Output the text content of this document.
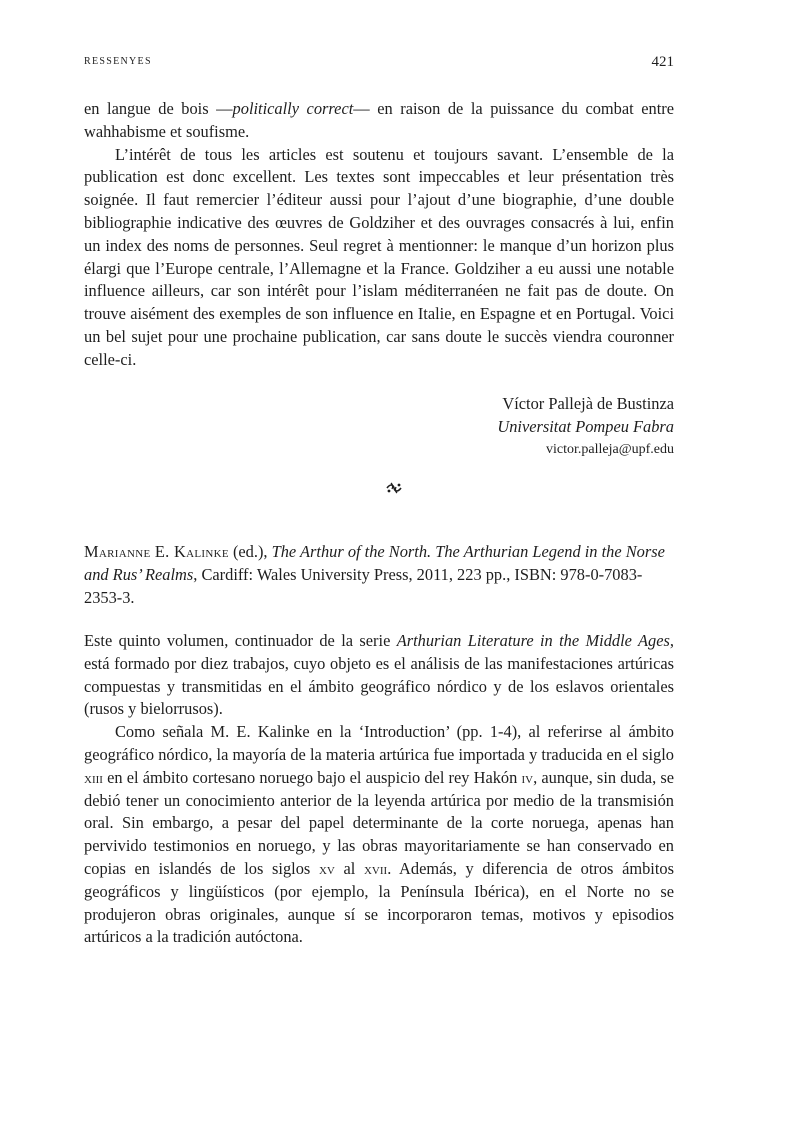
RESSENYES	421

en langue de bois —politically correct— en raison de la puissance du combat entre wahhabisme et soufisme.

L’intérêt de tous les articles est soutenu et toujours savant. L’ensemble de la publication est donc excellent. Les textes sont impeccables et leur présentation très soignée. Il faut remercier l’éditeur aussi pour l’ajout d’une biographie, d’une double bibliographie indicative des œuvres de Goldziher et des ouvrages consacrés à lui, enfin un index des noms de personnes. Seul regret à mentionner: le manque d’un horizon plus élargi que l’Europe centrale, l’Allemagne et la France. Goldziher a eu aussi une notable influence ailleurs, car son intérêt pour l’islam méditerranéen ne fait pas de doute. On trouve aisément des exemples de son influence en Italie, en Espagne et en Portugal. Voici un bel sujet pour une prochaine publication, car sans doute le succès viendra couronner celle-ci.

Víctor Pallejà de Bustinza
Universitat Pompeu Fabra
victor.palleja@upf.edu

Marianne E. Kalinke (ed.), The Arthur of the North. The Arthurian Legend in the Norse and Rus’ Realms, Cardiff: Wales University Press, 2011, 223 pp., ISBN: 978-0-7083-2353-3.

Este quinto volumen, continuador de la serie Arthurian Literature in the Middle Ages, está formado por diez trabajos, cuyo objeto es el análisis de las manifestaciones artúricas compuestas y transmitidas en el ámbito geográfico nórdico y de los eslavos orientales (rusos y bielorrusos).

Como señala M. E. Kalinke en la ‘Introduction’ (pp. 1-4), al referirse al ámbito geográfico nórdico, la mayoría de la materia artúrica fue importada y traducida en el siglo xiii en el ámbito cortesano noruego bajo el auspicio del rey Hakón iv, aunque, sin duda, se debió tener un conocimiento anterior de la leyenda artúrica por medio de la transmisión oral. Sin embargo, a pesar del papel determinante de la corte noruega, apenas han pervivido testimonios en noruego, y las obras mayoritariamente se han conservado en copias en islandés de los siglos xv al xvii. Además, y diferencia de otros ámbitos geográficos y lingüísticos (por ejemplo, la Península Ibérica), en el Norte no se produjeron obras originales, aunque sí se incorporaron temas, motivos y episodios artúricos a la tradición autóctona.
